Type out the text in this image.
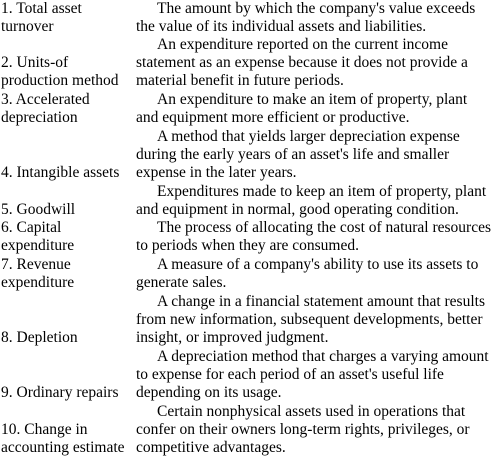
1. Total asset
turnover
2. Units-of
production method
3. Accelerated
depreciation
4. Intangible assets
5. Goodwill
6. Capital
expenditure
7. Revenue
expenditure
8. Depletion
9. Ordinary repairs
10. Change in
accounting estimate
The amount by which the company's value exceeds
the value of its individual assets and liabilities.
An expenditure reported on the current income
statement as an expense because it does not provide a
material benefit in future periods.
An expenditure to make an item of property, plant
and equipment more efficient or productive.
A method that yields larger depreciation expense
during the early years of an asset's life and smaller
expense in the later years.
Expenditures made to keep an item of property, plant
and equipment in normal, good operating condition.
The process of allocating the cost of natural resources
to periods when they are consumed.
A measure of a company's ability to use its assets to
generate sales.
A change in a financial statement amount that results
from new information, subsequent developments, better
insight, or improved judgment.
A depreciation method that charges a varying amount
to expense for each period of an asset's useful life
depending on its usage.
Certain nonphysical assets used in operations that
confer on their owners long-term rights, privileges, or
competitive advantages.
